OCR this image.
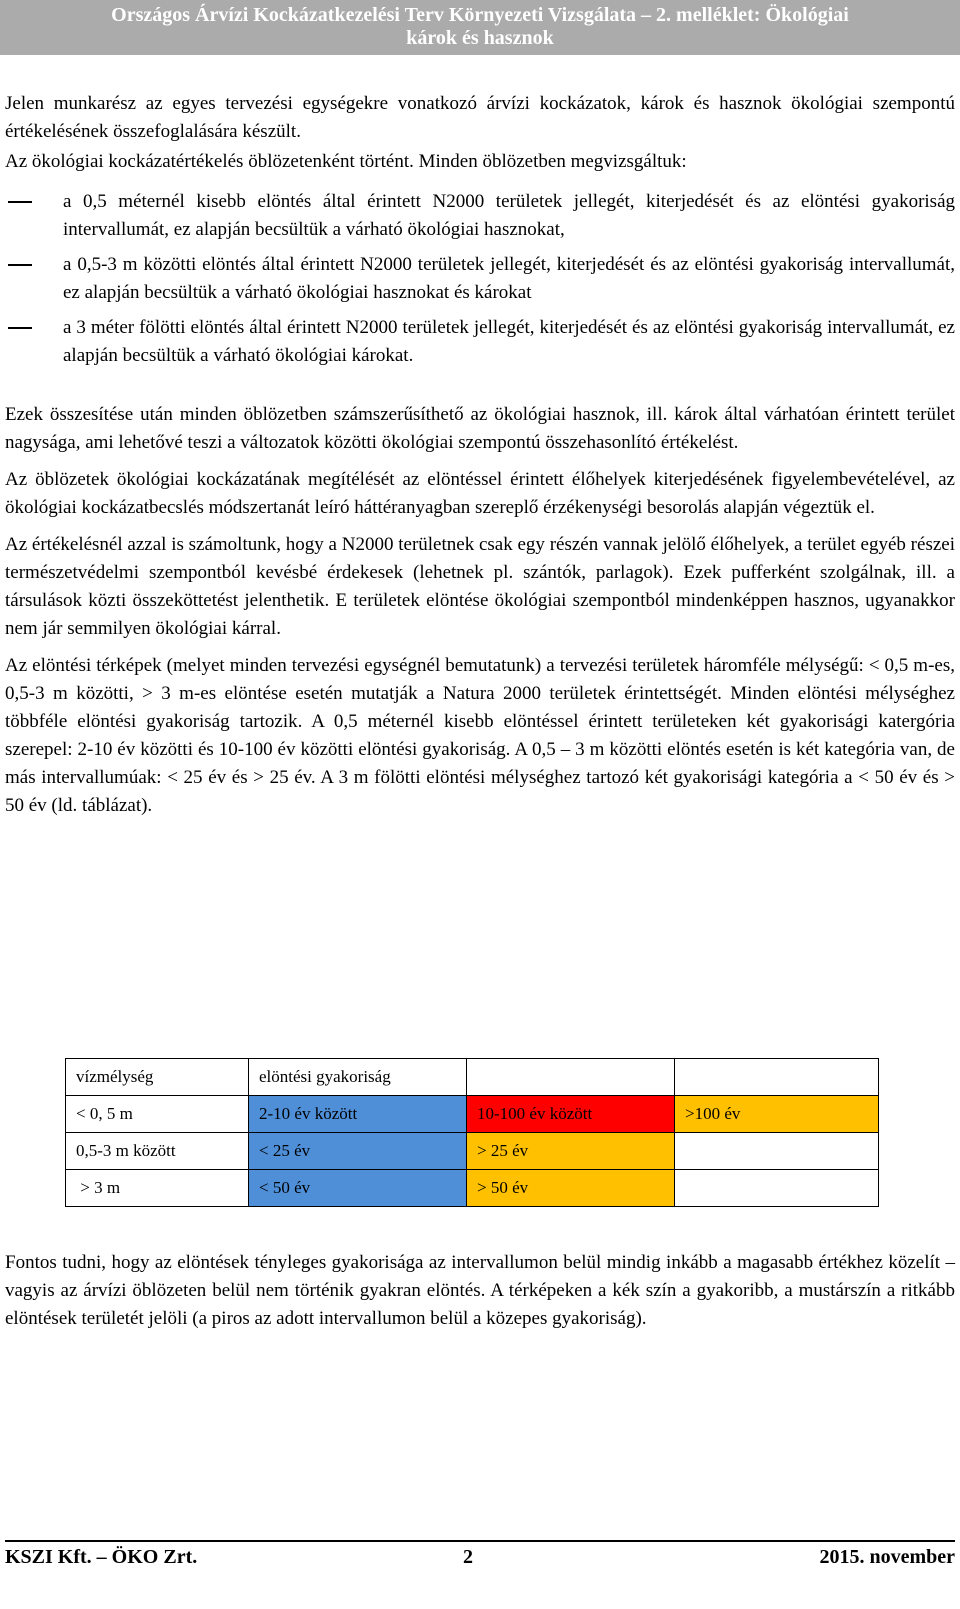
Országos Árvízi Kockázatkezelési Terv Környezeti Vizsgálata – 2. melléklet: Ökológiai
károk és hasznok

Jelen munkarész az egyes tervezési egységekre vonatkozó árvízi kockázatok, károk és hasznok ökológiai szempontú értékelésének összefoglalására készült.

Az ökológiai kockázatértékelés öblözetenként történt. Minden öblözetben megvizsgáltuk:

a 0,5 méternél kisebb elöntés által érintett N2000 területek jellegét, kiterjedését és az elöntési gyakoriság intervallumát, ez alapján becsültük a várható ökológiai hasznokat,
a 0,5-3 m közötti elöntés által érintett N2000 területek jellegét, kiterjedését és az elöntési gyakoriság intervallumát, ez alapján becsültük a várható ökológiai hasznokat és károkat
a 3 méter fölötti elöntés által érintett N2000 területek jellegét, kiterjedését és az elöntési gyakoriság intervallumát, ez alapján becsültük a várható ökológiai károkat.

Ezek összesítése után minden öblözetben számszerűsíthető az ökológiai hasznok, ill. károk által várhatóan érintett terület nagysága, ami lehetővé teszi a változatok közötti ökológiai szempontú összehasonlító értékelést.

Az öblözetek ökológiai kockázatának megítélését az elöntéssel érintett élőhelyek kiterjedésének figyelembevételével, az ökológiai kockázatbecslés módszertanát leíró háttéranyagban szereplő érzékenységi besorolás alapján végeztük el.

Az értékelésnél azzal is számoltunk, hogy a N2000 területnek csak egy részén vannak jelölő élőhelyek, a terület egyéb részei természetvédelmi szempontból kevésbé érdekesek (lehetnek pl. szántók, parlagok). Ezek pufferként szolgálnak, ill. a társulások közti összeköttetést jelenthetik. E területek elöntése ökológiai szempontból mindenképpen hasznos, ugyanakkor nem jár semmilyen ökológiai kárral.

Az elöntési térképek (melyet minden tervezési egységnél bemutatunk) a tervezési területek háromféle mélységű: < 0,5 m-es, 0,5-3 m közötti, > 3 m-es elöntése esetén mutatják a Natura 2000 területek érintettségét. Minden elöntési mélységhez többféle elöntési gyakoriság tartozik. A 0,5 méternél kisebb elöntéssel érintett területeken két gyakorisági katergória szerepel: 2-10 év közötti és 10-100 év közötti elöntési gyakoriság. A 0,5 – 3 m közötti elöntés esetén is két kategória van, de más intervallumúak: < 25 év és > 25 év. A 3 m fölötti elöntési mélységhez tartozó két gyakorisági kategória a < 50 év és > 50 év (ld. táblázat).

vízmélység	elöntési gyakoriság		
< 0, 5 m	2-10 év között	10-100 év között	>100 év
0,5-3 m között	< 25 év	> 25 év	
> 3 m	< 50 év	> 50 év	

Fontos tudni, hogy az elöntések tényleges gyakorisága az intervallumon belül mindig inkább a magasabb értékhez közelít – vagyis az árvízi öblözeten belül nem történik gyakran elöntés. A térképeken a kék szín a gyakoribb, a mustárszín a ritkább elöntések területét jelöli (a piros az adott intervallumon belül a közepes gyakoriság).

KSZI Kft. – ÖKO Zrt.	2	2015. november
